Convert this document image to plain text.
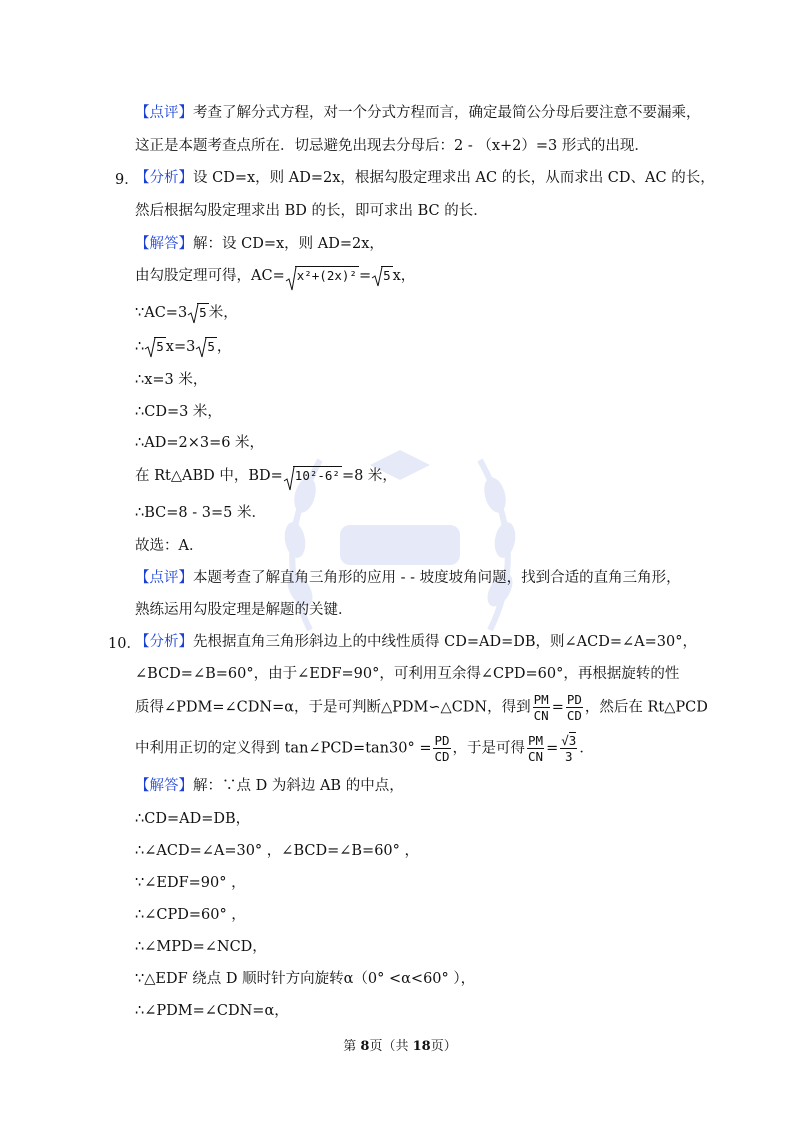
【点评】考查了解分式方程，对一个分式方程而言，确定最简公分母后要注意不要漏乘，
这正是本题考查点所在．切忌避免出现去分母后：2 - （x+2）=3 形式的出现．
9．
【分析】设 CD=x，则 AD=2x，根据勾股定理求出 AC 的长，从而求出 CD、AC 的长，
然后根据勾股定理求出 BD 的长，即可求出 BC 的长．
【解答】解：设 CD=x，则 AD=2x，
由勾股定理可得，AC= x²+(2x)² = 5 x，
∵AC=3 5 米，
∴ 5 x=3 5 ，
∴x=3 米，
∴CD=3 米，
∴AD=2×3=6 米，
在 Rt△ABD 中，BD= 10²-6² =8 米，
∴BC=8 - 3=5 米．
故选：A．
【点评】本题考查了解直角三角形的应用 - - 坡度坡角问题，找到合适的直角三角形，
熟练运用勾股定理是解题的关键．
10．
【分析】先根据直角三角形斜边上的中线性质得 CD=AD=DB，则∠ACD=∠A=30°，
∠BCD=∠B=60°，由于∠EDF=90°，可利用互余得∠CPD=60°，再根据旋转的性
质得∠PDM=∠CDN=α，于是可判断△PDM∽△CDN，得到 $\frac{PM}{CN} = \frac{PD}{CD}$ ，然后在 Rt△PCD
中利用正切的定义得到 tan∠PCD=tan30° = $\frac{PD}{CD}$ ，于是可得 $\frac{PM}{CN} = \frac{√3}{3}$ ．
【解答】解：∵点 D 为斜边 AB 的中点，
∴CD=AD=DB，
∴∠ACD=∠A=30° ，∠BCD=∠B=60° ，
∵∠EDF=90° ，
∴∠CPD=60° ，
∴∠MPD=∠NCD，
∵△EDF 绕点 D 顺时针方向旋转α（0° <α<60° ），
∴∠PDM=∠CDN=α，
第 8页（共 18页）
